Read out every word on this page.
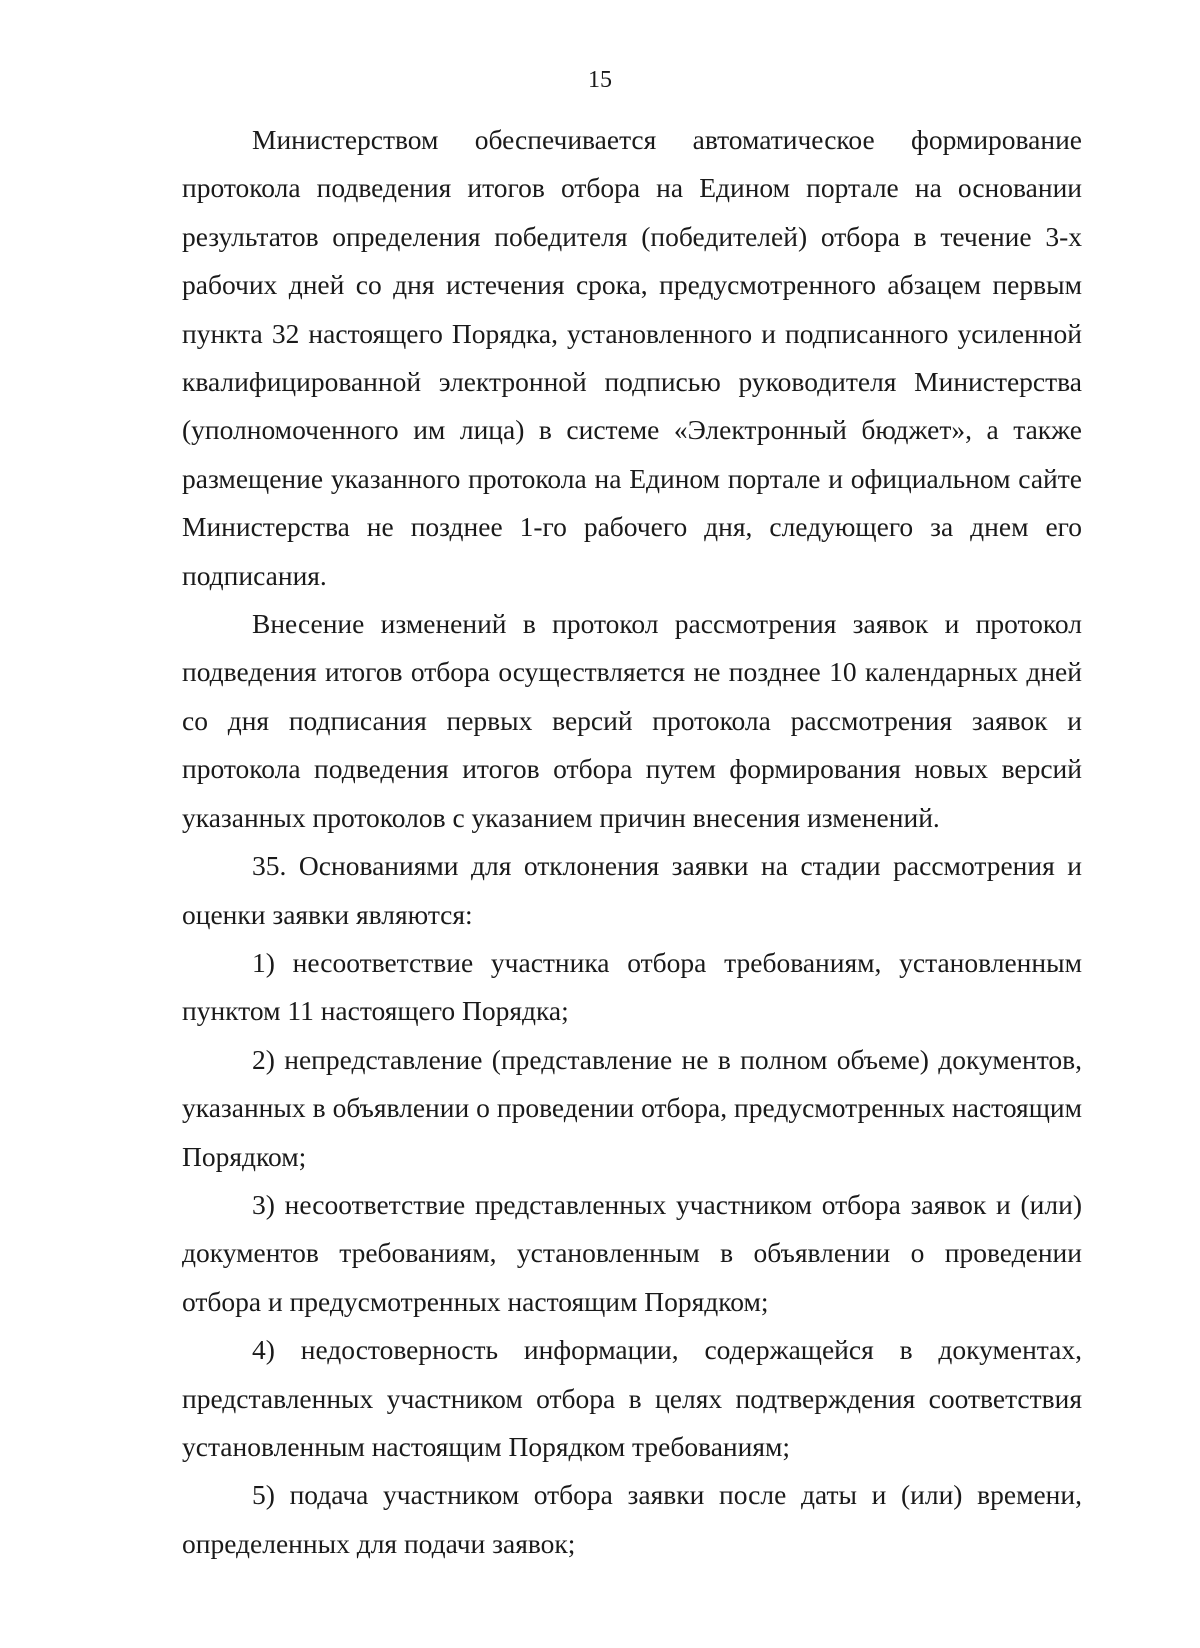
15

Министерством обеспечивается автоматическое формирование протокола подведения итогов отбора на Едином портале на основании результатов определения победителя (победителей) отбора в течение 3-х рабочих дней со дня истечения срока, предусмотренного абзацем первым пункта 32 настоящего Порядка, установленного и подписанного усиленной квалифицированной электронной подписью руководителя Министерства (уполномоченного им лица) в системе «Электронный бюджет», а также размещение указанного протокола на Едином портале и официальном сайте Министерства не позднее 1-го рабочего дня, следующего за днем его подписания.

Внесение изменений в протокол рассмотрения заявок и протокол подведения итогов отбора осуществляется не позднее 10 календарных дней со дня подписания первых версий протокола рассмотрения заявок и протокола подведения итогов отбора путем формирования новых версий указанных протоколов с указанием причин внесения изменений.

35. Основаниями для отклонения заявки на стадии рассмотрения и оценки заявки являются:

1) несоответствие участника отбора требованиям, установленным пунктом 11 настоящего Порядка;

2) непредставление (представление не в полном объеме) документов, указанных в объявлении о проведении отбора, предусмотренных настоящим Порядком;

3) несоответствие представленных участником отбора заявок и (или) документов требованиям, установленным в объявлении о проведении отбора и предусмотренных настоящим Порядком;

4) недостоверность информации, содержащейся в документах, представленных участником отбора в целях подтверждения соответствия установленным настоящим Порядком требованиям;

5) подача участником отбора заявки после даты и (или) времени, определенных для подачи заявок;
